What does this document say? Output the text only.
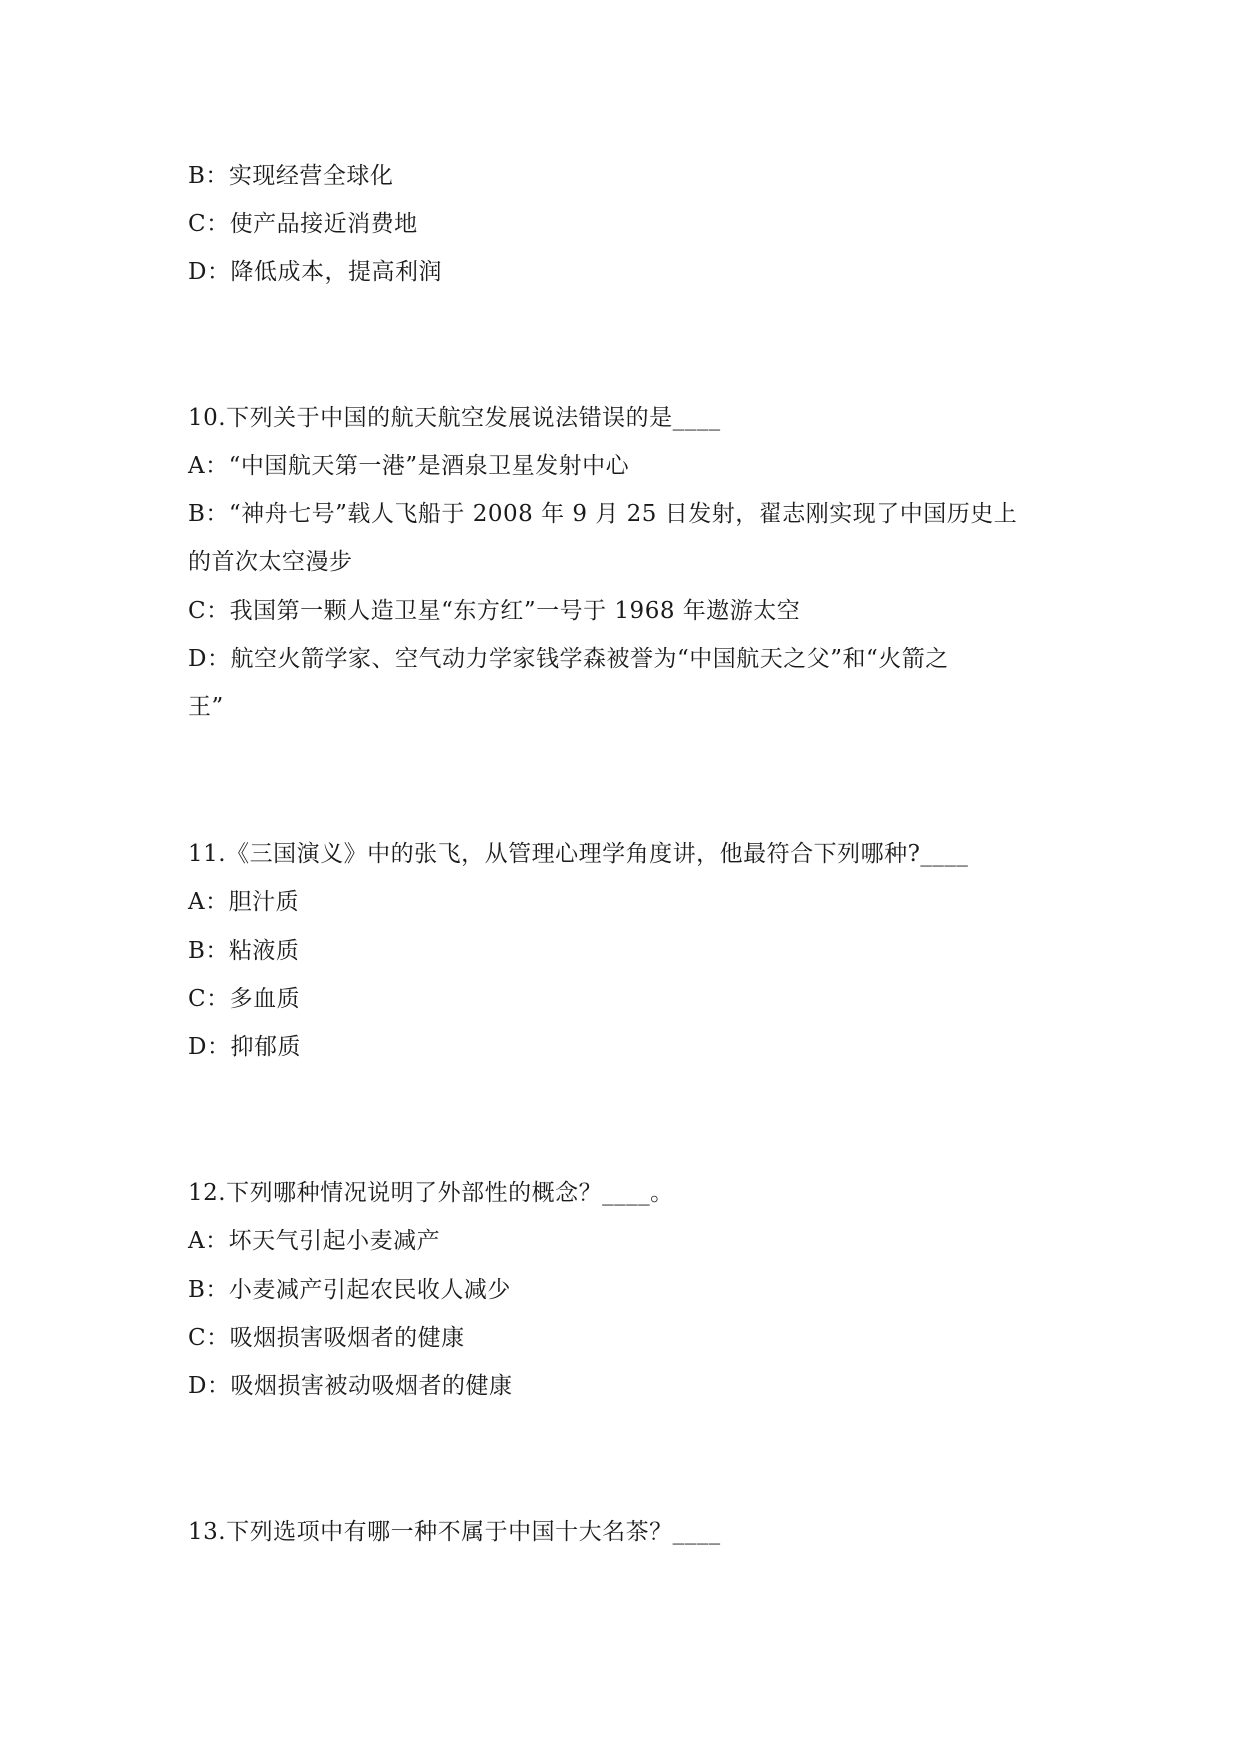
B：实现经营全球化
C：使产品接近消费地
D：降低成本，提高利润
10.下列关于中国的航天航空发展说法错误的是____
A：“中国航天第一港”是酒泉卫星发射中心
B：“神舟七号”载人飞船于 2008 年 9 月 25 日发射，翟志刚实现了中国历史上
的首次太空漫步
C：我国第一颗人造卫星“东方红”一号于 1968 年遨游太空
D：航空火箭学家、空气动力学家钱学森被誉为“中国航天之父”和“火箭之
王”
11.《三国演义》中的张飞，从管理心理学角度讲，他最符合下列哪种?____
A：胆汁质
B：粘液质
C：多血质
D：抑郁质
12.下列哪种情况说明了外部性的概念？____。
A：坏天气引起小麦减产
B：小麦减产引起农民收人减少
C：吸烟损害吸烟者的健康
D：吸烟损害被动吸烟者的健康
13.下列选项中有哪一种不属于中国十大名茶？____
